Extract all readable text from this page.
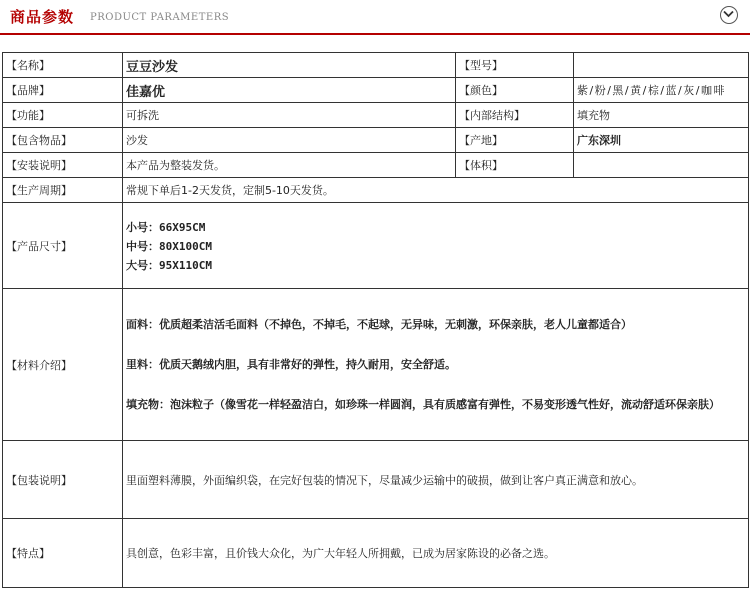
商品参数 PRODUCT PARAMETERS
【名称】	豆豆沙发	【型号】	
【品牌】	佳嘉优	【颜色】	紫/粉/黑/黄/棕/蓝/灰/咖啡
【功能】	可拆洗	【内部结构】	填充物
【包含物品】	沙发	【产地】	广东深圳
【安装说明】	本产品为整装发货。	【体积】	
【生产周期】	常规下单后1-2天发货，定制5-10天发货。		
【产品尺寸】	小号：66X95CM
中号：80X100CM
大号：95X110CM		

【材料介绍】	面料：优质超柔洁活毛面料（不掉色，不掉毛，不起球，无异味，无刺激，环保亲肤，老人儿童都适合）

里料：优质天鹅绒内胆，具有非常好的弹性，持久耐用，安全舒适。

填充物：泡沫粒子（像雪花一样轻盈洁白，如珍珠一样圆润，具有质感富有弹性，不易变形透气性好，流动舒适环保亲肤）		

【包装说明】	里面塑料薄膜，外面编织袋，在完好包装的情况下，尽量减少运输中的破损，做到让客户真正满意和放心。		
【特点】	具创意，色彩丰富，且价钱大众化，为广大年轻人所拥戴，已成为居家陈设的必备之选。		
